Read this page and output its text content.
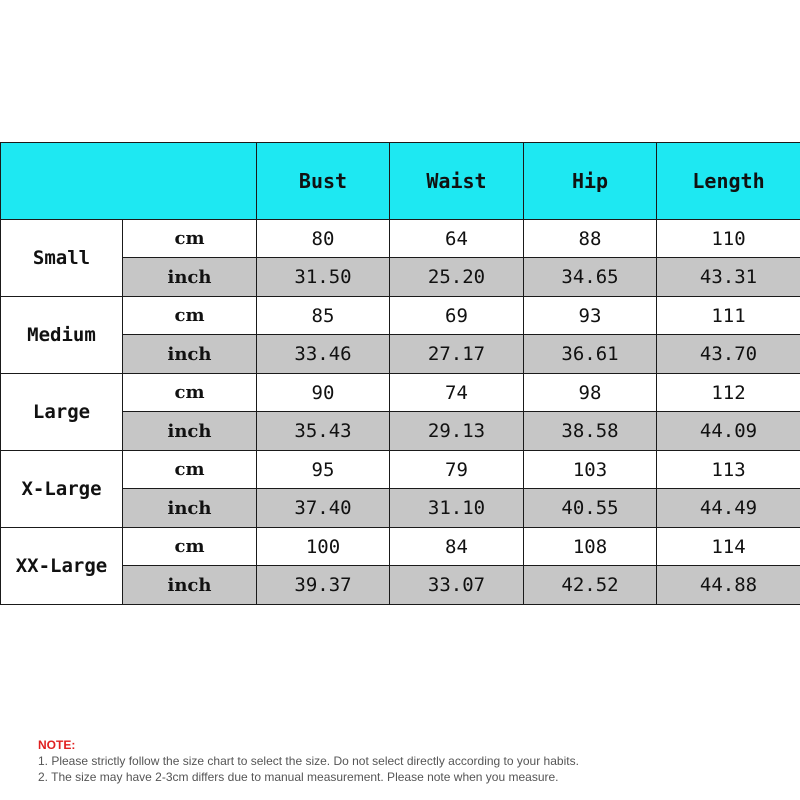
		Bust	Waist	Hip	Length
Small	cm	80	64	88	110
	inch	31.50	25.20	34.65	43.31
Medium	cm	85	69	93	111
	inch	33.46	27.17	36.61	43.70
Large	cm	90	74	98	112
	inch	35.43	29.13	38.58	44.09
X-Large	cm	95	79	103	113
	inch	37.40	31.10	40.55	44.49
XX-Large	cm	100	84	108	114
	inch	39.37	33.07	42.52	44.88
NOTE:
1. Please strictly follow the size chart to select the size. Do not select directly according to your habits.
2. The size may have 2-3cm differs due to manual measurement. Please note when you measure.
